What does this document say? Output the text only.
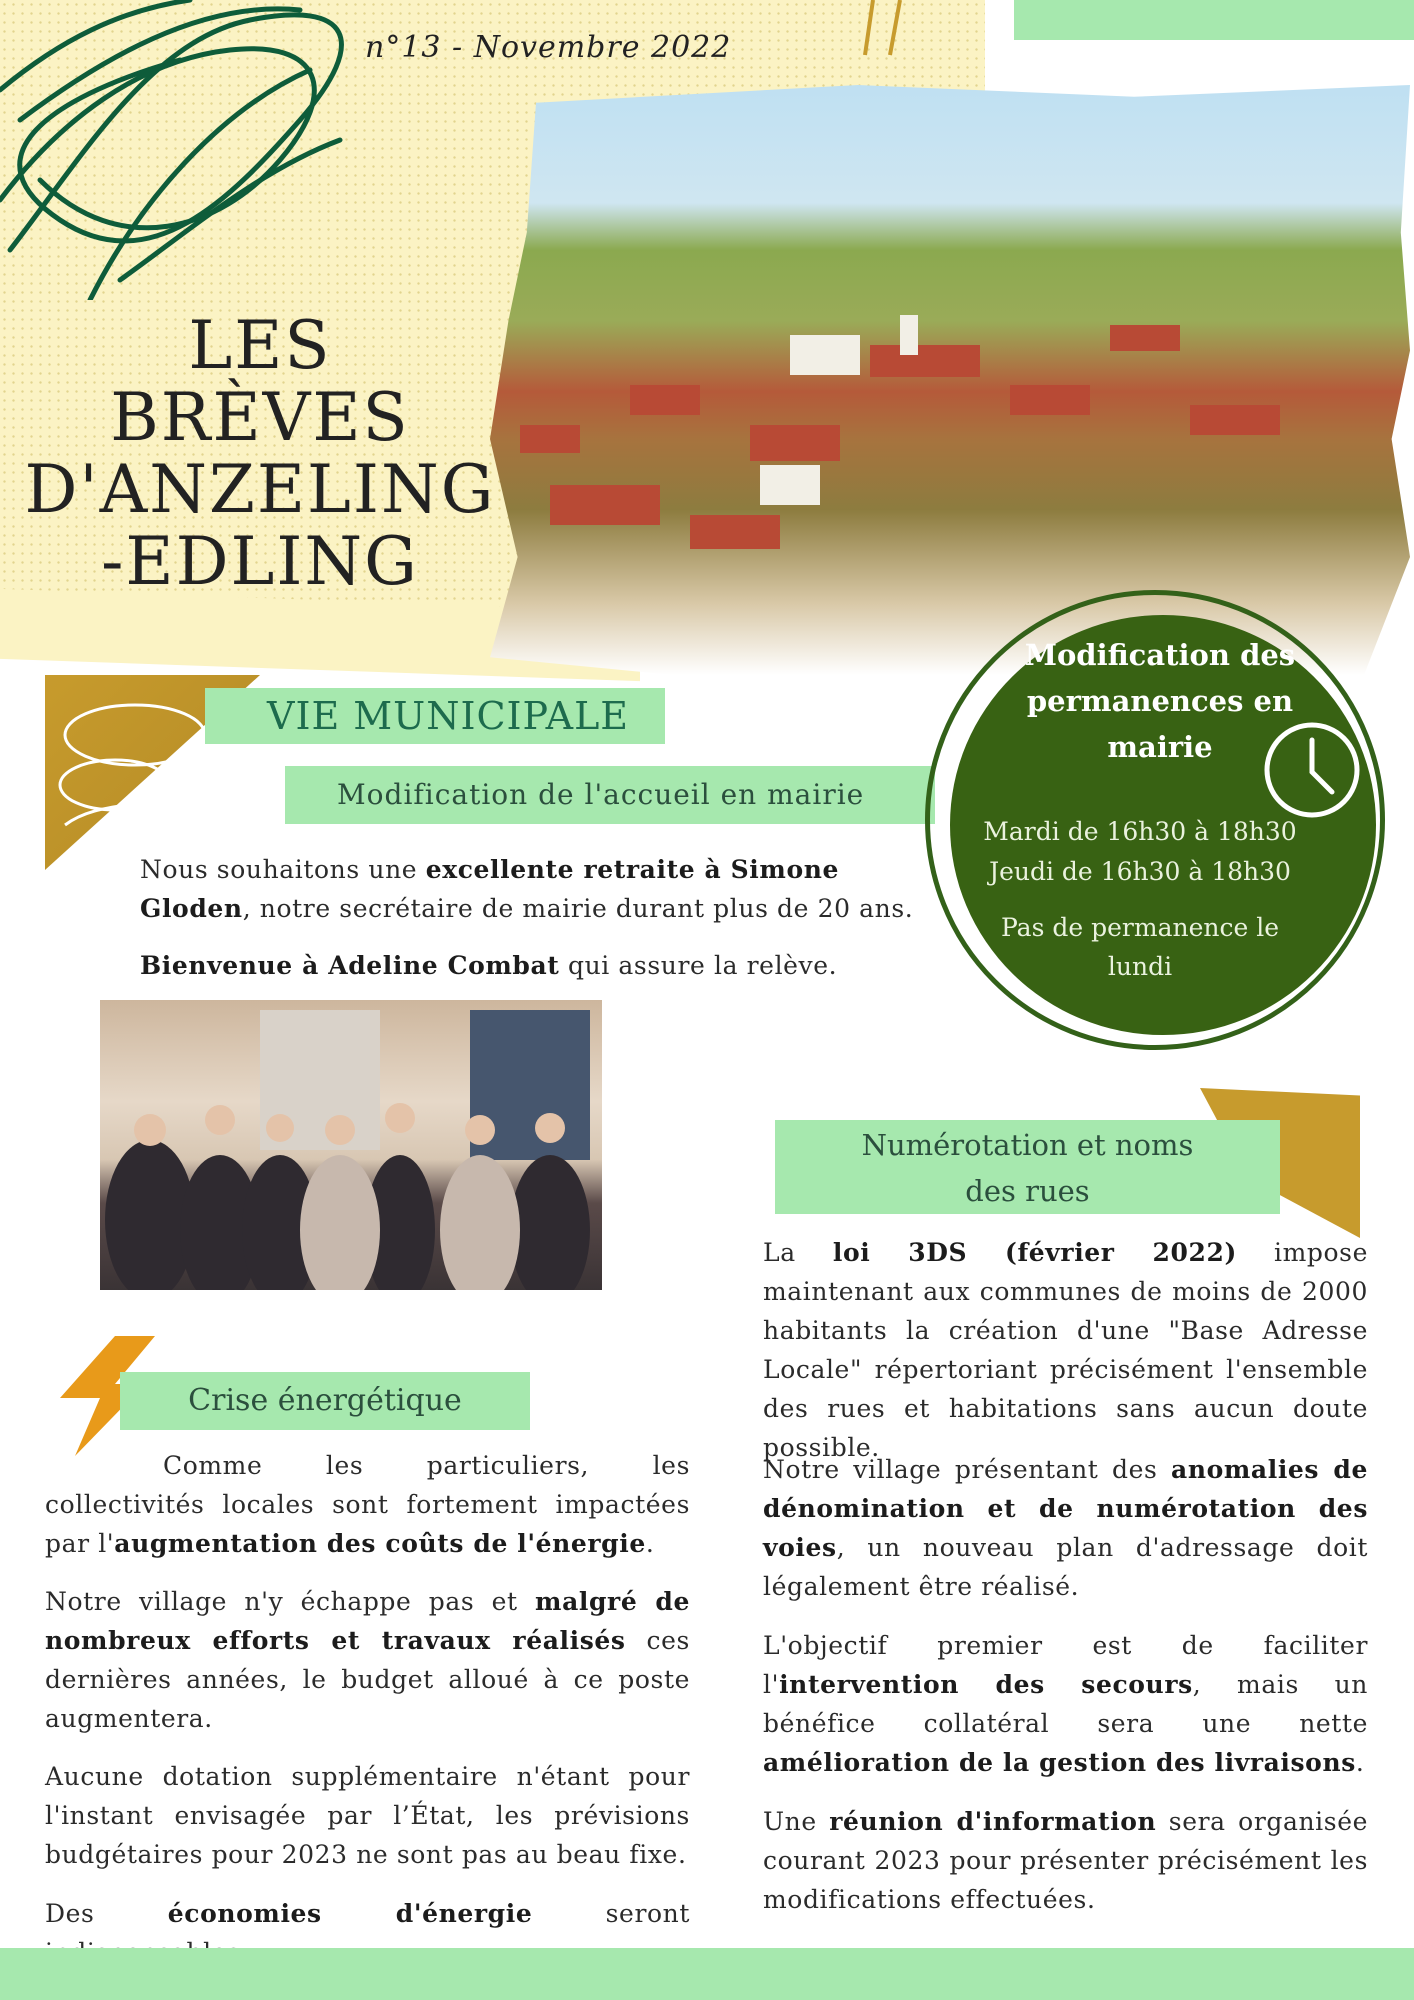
n°13 - Novembre 2022
LES
BRÈVES
D'ANZELING
-EDLING
VIE MUNICIPALE
Modification de l'accueil en mairie
Nous souhaitons une excellente retraite à Simone Gloden, notre secrétaire de mairie durant plus de 20 ans.
Bienvenue à Adeline Combat qui assure la relève.
Modification des permanences en mairie
Mardi de 16h30 à 18h30
Jeudi de 16h30 à 18h30
Pas de permanence le lundi
Numérotation et noms
des rues
La loi 3DS (février 2022) impose maintenant aux communes de moins de 2000 habitants la création d'une "Base Adresse Locale" répertoriant précisément l'ensemble des rues et habitations sans aucun doute possible.
Notre village présentant des anomalies de dénomination et de numérotation des voies, un nouveau plan d'adressage doit légalement être réalisé.
L'objectif premier est de faciliter l'intervention des secours, mais un bénéfice collatéral sera une nette amélioration de la gestion des livraisons.
Une réunion d'information sera organisée courant 2023 pour présenter précisément les modifications effectuées.
Crise énergétique
Comme les particuliers, les collectivités locales sont fortement impactées par l'augmentation des coûts de l'énergie.
Notre village n'y échappe pas et malgré de nombreux efforts et travaux réalisés ces dernières années, le budget alloué à ce poste augmentera.
Aucune dotation supplémentaire n'étant pour l'instant envisagée par l’État, les prévisions budgétaires pour 2023 ne sont pas au beau fixe.
Des économies d'énergie	seront
